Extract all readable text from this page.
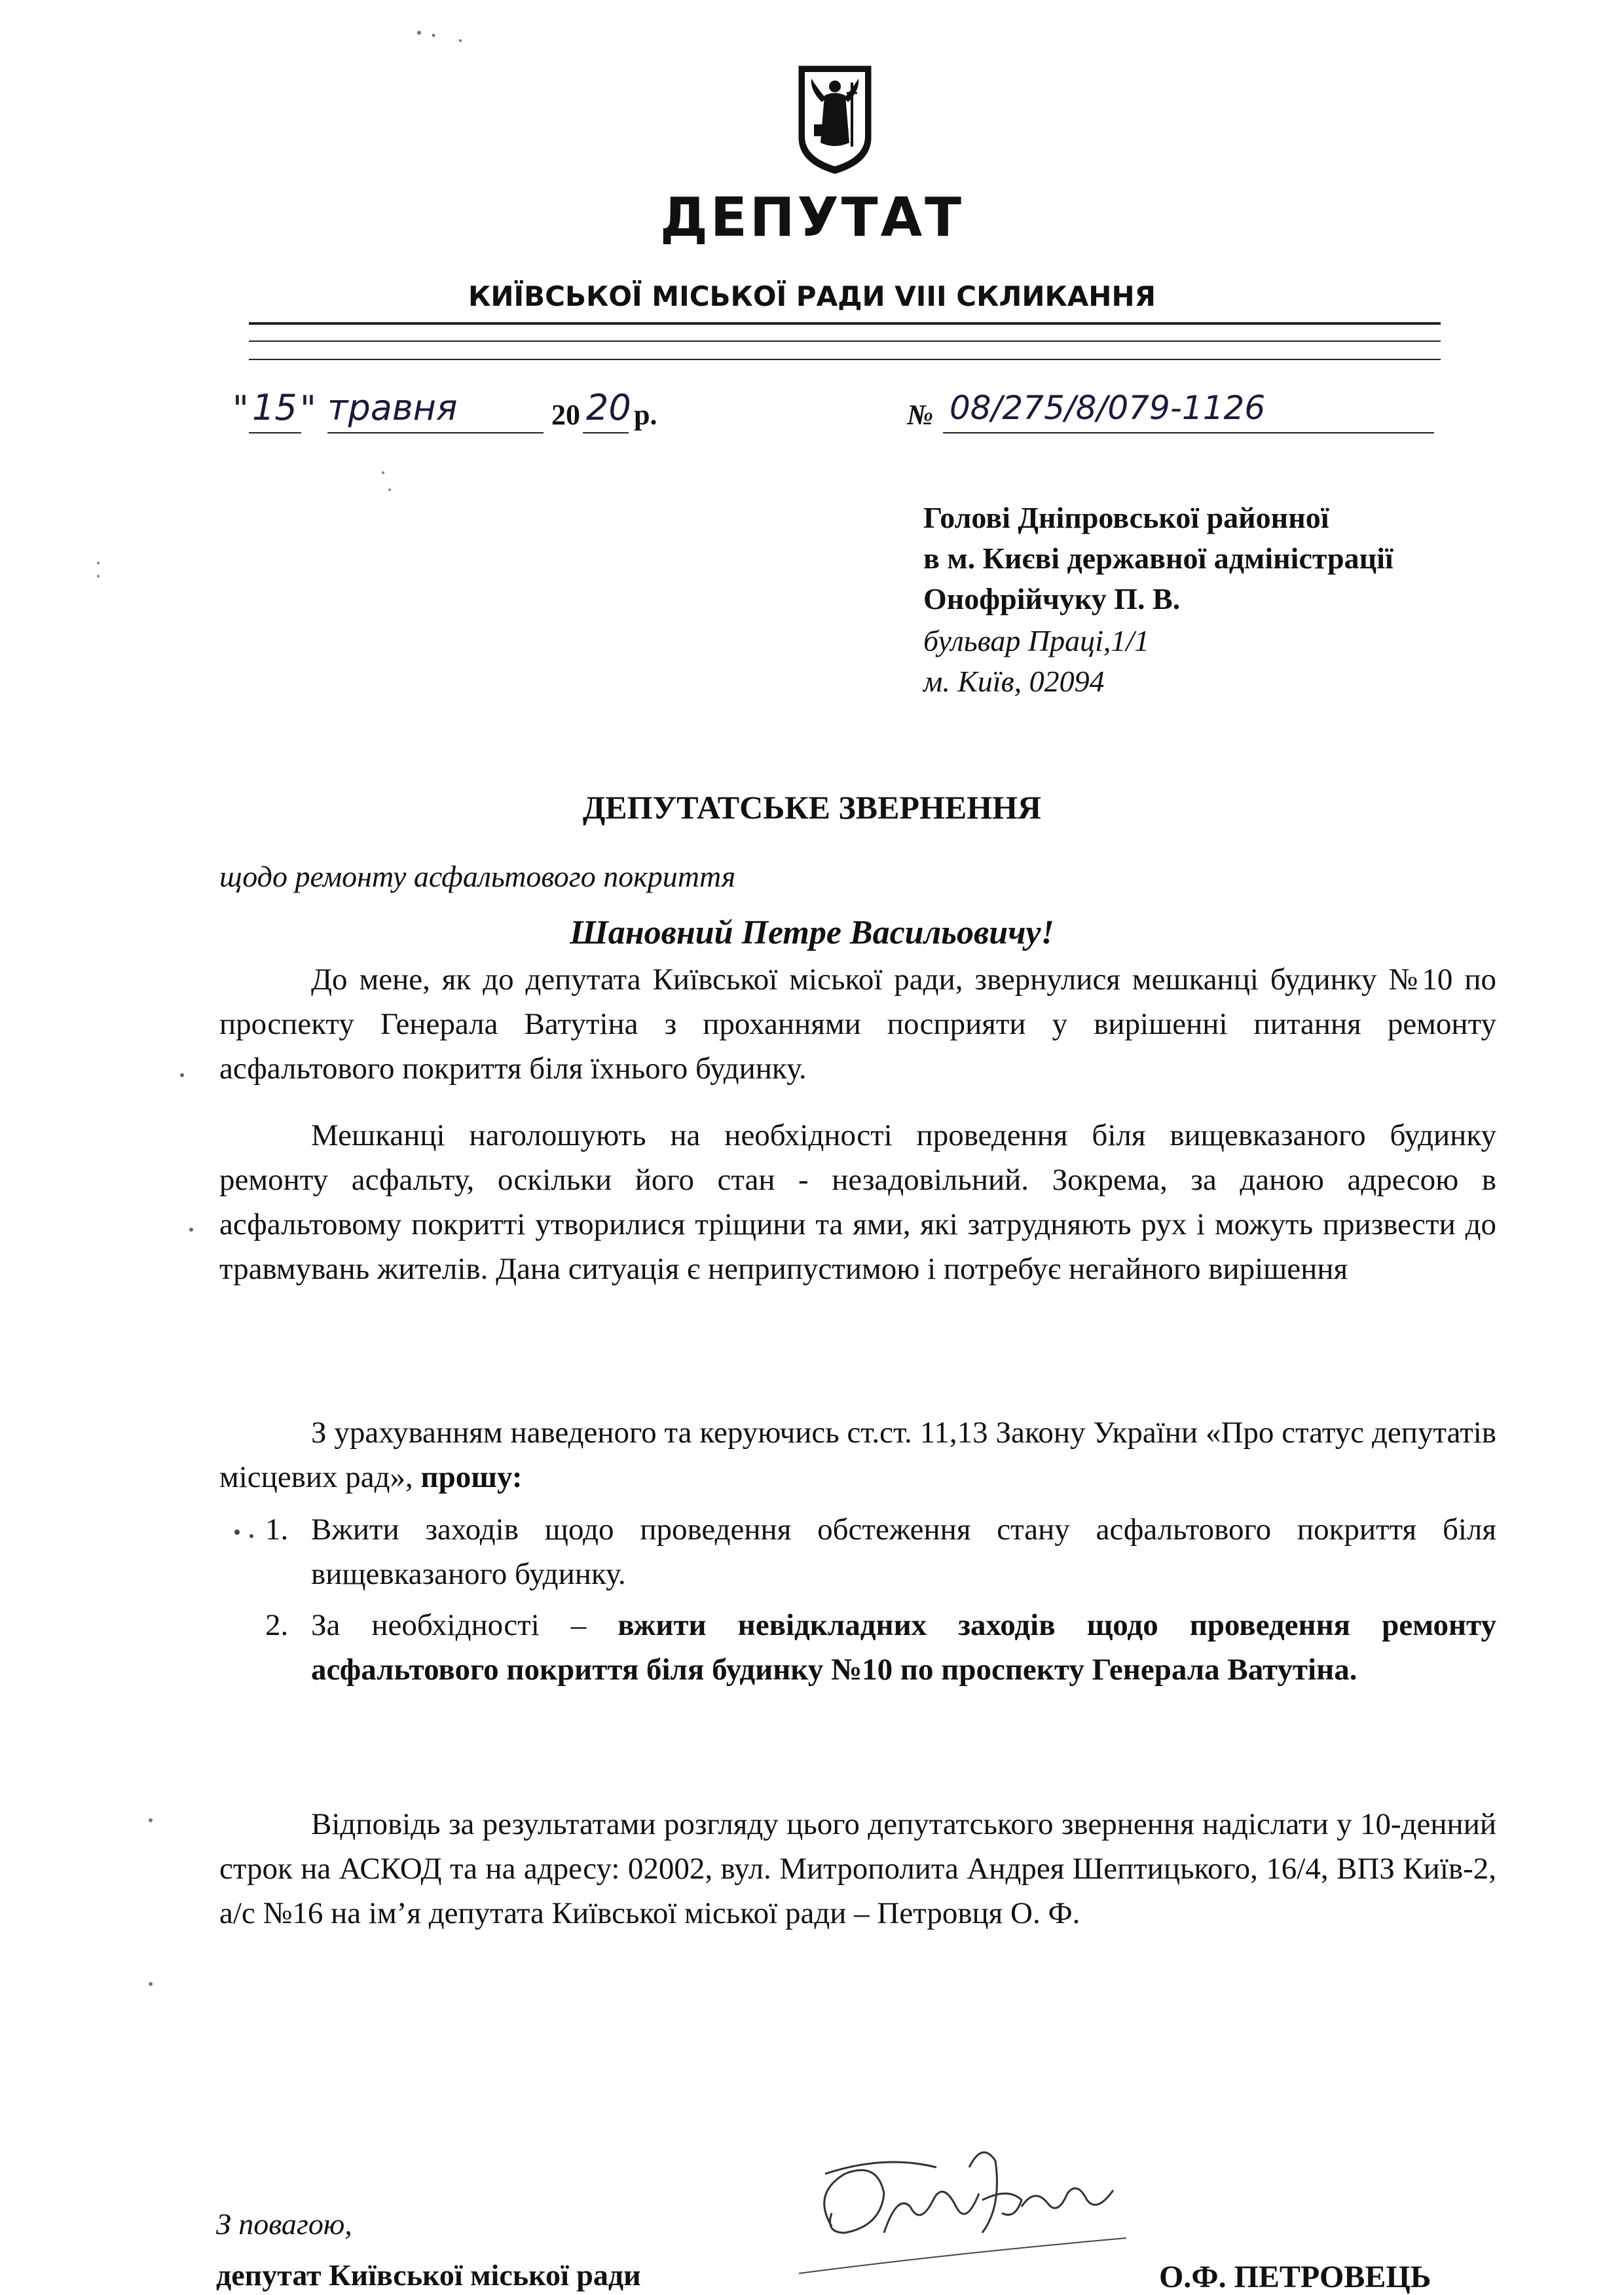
ДЕПУТАТ
КИЇВСЬКОЇ МІСЬКОЇ РАДИ VIII СКЛИКАННЯ
" 15 " травня	20 20 р.	№ 08/275/8/079-1126
Голові Дніпровської районної
в м. Києві державної адміністрації
Онофрійчуку П. В.
бульвар Праці,1/1
м. Київ, 02094
ДЕПУТАТСЬКЕ ЗВЕРНЕННЯ
щодо ремонту асфальтового покриття
Шановний Петре Васильовичу!

До мене, як до депутата Київської міської ради, звернулися мешканці будинку №10 по проспекту Генерала Ватутіна з проханнями посприяти у вирішенні питання ремонту асфальтового покриття біля їхнього будинку.

Мешканці наголошують на необхідності проведення біля вищевказаного будинку ремонту асфальту, оскільки його стан - незадовільний. Зокрема, за даною адресою в асфальтовому покритті утворилися тріщини та ями, які затрудняють рух і можуть призвести до травмувань жителів. Дана ситуація є неприпустимою і потребує негайного вирішення

З урахуванням наведеного та керуючись ст.ст. 11,13 Закону України «Про статус депутатів місцевих рад», прошу:

1. Вжити заходів щодо проведення обстеження стану асфальтового покриття біля вищевказаного будинку.
2. За необхідності – вжити невідкладних заходів щодо проведення ремонту асфальтового покриття біля будинку №10 по проспекту Генерала Ватутіна.

Відповідь за результатами розгляду цього депутатського звернення надіслати у 10-денний строк на АСКОД та на адресу: 02002, вул. Митрополита Андрея Шептицького, 16/4, ВПЗ Київ-2, а/с №16 на ім’я депутата Київської міської ради – Петровця О. Ф.

З повагою,
депутат Київської міської ради	О.Ф. ПЕТРОВЕЦЬ
